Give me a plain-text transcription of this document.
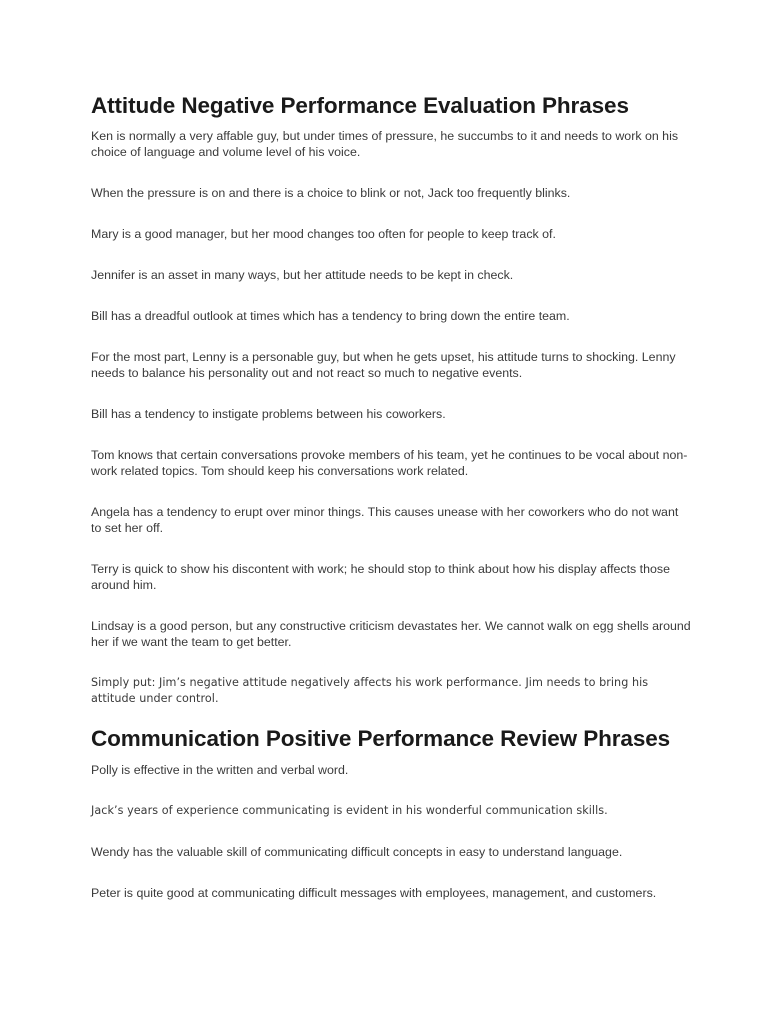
Attitude Negative Performance Evaluation Phrases

Ken is normally a very affable guy, but under times of pressure, he succumbs to it and needs to work on his choice of language and volume level of his voice.

When the pressure is on and there is a choice to blink or not, Jack too frequently blinks.

Mary is a good manager, but her mood changes too often for people to keep track of.

Jennifer is an asset in many ways, but her attitude needs to be kept in check.

Bill has a dreadful outlook at times which has a tendency to bring down the entire team.

For the most part, Lenny is a personable guy, but when he gets upset, his attitude turns to shocking. Lenny needs to balance his personality out and not react so much to negative events.

Bill has a tendency to instigate problems between his coworkers.

Tom knows that certain conversations provoke members of his team, yet he continues to be vocal about non-work related topics. Tom should keep his conversations work related.

Angela has a tendency to erupt over minor things. This causes unease with her coworkers who do not want to set her off.

Terry is quick to show his discontent with work; he should stop to think about how his display affects those around him.

Lindsay is a good person, but any constructive criticism devastates her. We cannot walk on egg shells around her if we want the team to get better.

Simply put: Jim’s negative attitude negatively affects his work performance. Jim needs to bring his attitude under control.

Communication Positive Performance Review Phrases

Polly is effective in the written and verbal word.

Jack’s years of experience communicating is evident in his wonderful communication skills.

Wendy has the valuable skill of communicating difficult concepts in easy to understand language.

Peter is quite good at communicating difficult messages with employees, management, and customers.
